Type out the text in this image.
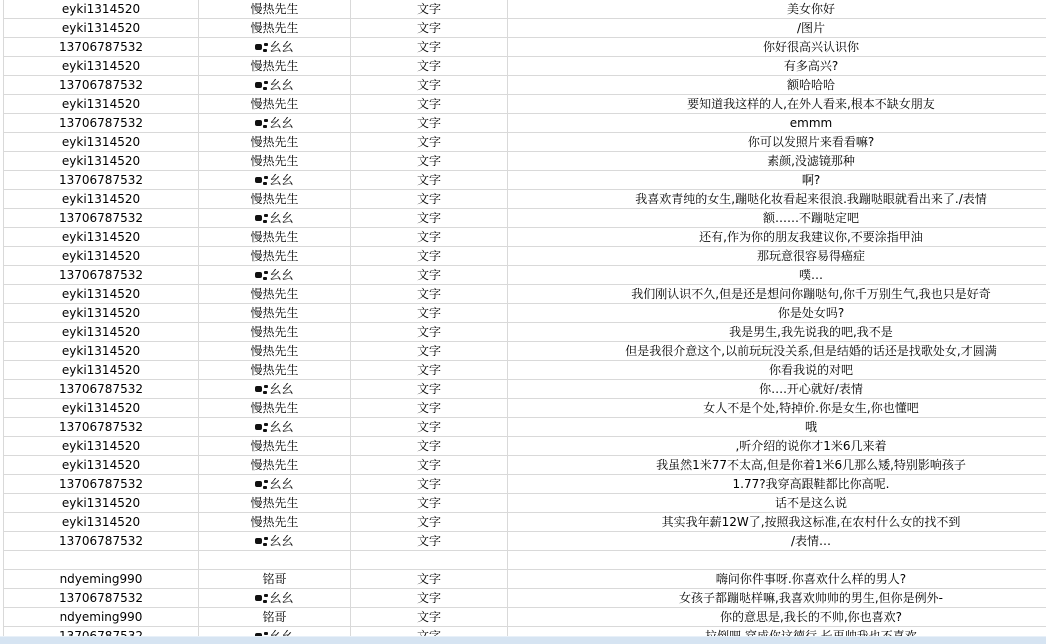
eyki1314520	慢热先生	文字	美女你好
eyki1314520	慢热先生	文字	/图片
13706787532	幺幺	文字	你好很高兴认识你
eyki1314520	慢热先生	文字	有多高兴?
13706787532	幺幺	文字	额哈哈哈
eyki1314520	慢热先生	文字	要知道我这样的人,在外人看来,根本不缺女朋友
13706787532	幺幺	文字	emmm
eyki1314520	慢热先生	文字	你可以发照片来看看嘛?
eyki1314520	慢热先生	文字	素颜,没滤镜那种
13706787532	幺幺	文字	啊?
eyki1314520	慢热先生	文字	我喜欢青纯的女生,蹦哒化妆看起来很浪.我蹦哒眼就看出来了./表情
13706787532	幺幺	文字	额……不蹦哒定吧
eyki1314520	慢热先生	文字	还有,作为你的朋友我建议你,不要涂指甲油
eyki1314520	慢热先生	文字	那玩意很容易得癌症
13706787532	幺幺	文字	噗…
eyki1314520	慢热先生	文字	我们刚认识不久,但是还是想问你蹦哒句,你千万别生气,我也只是好奇
eyki1314520	慢热先生	文字	你是处女吗?
eyki1314520	慢热先生	文字	我是男生,我先说我的吧,我不是
eyki1314520	慢热先生	文字	但是我很介意这个,以前玩玩没关系,但是结婚的话还是找歌处女,才圆满
eyki1314520	慢热先生	文字	你看我说的对吧
13706787532	幺幺	文字	你….开心就好/表情
eyki1314520	慢热先生	文字	女人不是个处,特掉价.你是女生,你也懂吧
13706787532	幺幺	文字	哦
eyki1314520	慢热先生	文字	,听介绍的说你才1米6几来着
eyki1314520	慢热先生	文字	我虽然1米77不太高,但是你着1米6几那么矮,特别影响孩子
13706787532	幺幺	文字	1.77?我穿高跟鞋都比你高呢.
eyki1314520	慢热先生	文字	话不是这么说
eyki1314520	慢热先生	文字	其实我年薪12W了,按照我这标准,在农村什么女的找不到
13706787532	幺幺	文字	/表情…

ndyeming990	铭哥	文字	嗨问你件事呀.你喜欢什么样的男人?
13706787532	幺幺	文字	女孩子都蹦哒样嘛,我喜欢帅帅的男生,但你是例外-
ndyeming990	铭哥	文字	你的意思是,我长的不帅,你也喜欢?
